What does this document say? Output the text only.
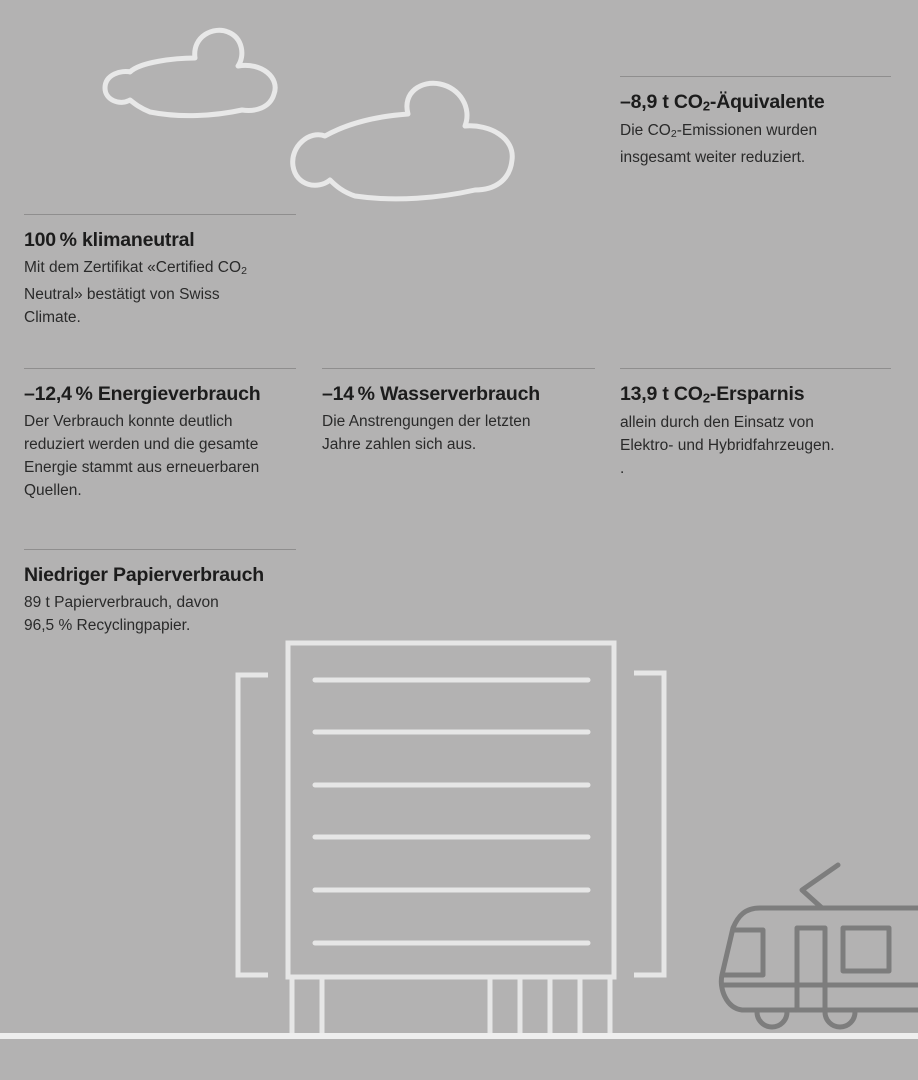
–8,9 t $CO_2$-Äquivalente

Die $CO_2$-Emissionen wurden
insgesamt weiter reduziert.

100 % klimaneutral

Mit dem Zertifikat «Certified $CO_2$
Neutral» bestätigt von Swiss
Climate.

–12,4 % Energieverbrauch

Der Verbrauch konnte deutlich
reduziert werden und die gesamte
Energie stammt aus erneuerbaren
Quellen.

–14 % Wasserverbrauch

Die Anstrengungen der letzten
Jahre zahlen sich aus.

13,9 t $CO_2$-Ersparnis

allein durch den Einsatz von
Elektro- und Hybridfahrzeugen.
.

Niedriger Papierverbrauch

89 t Papierverbrauch, davon
96,5 % Recyclingpapier.
